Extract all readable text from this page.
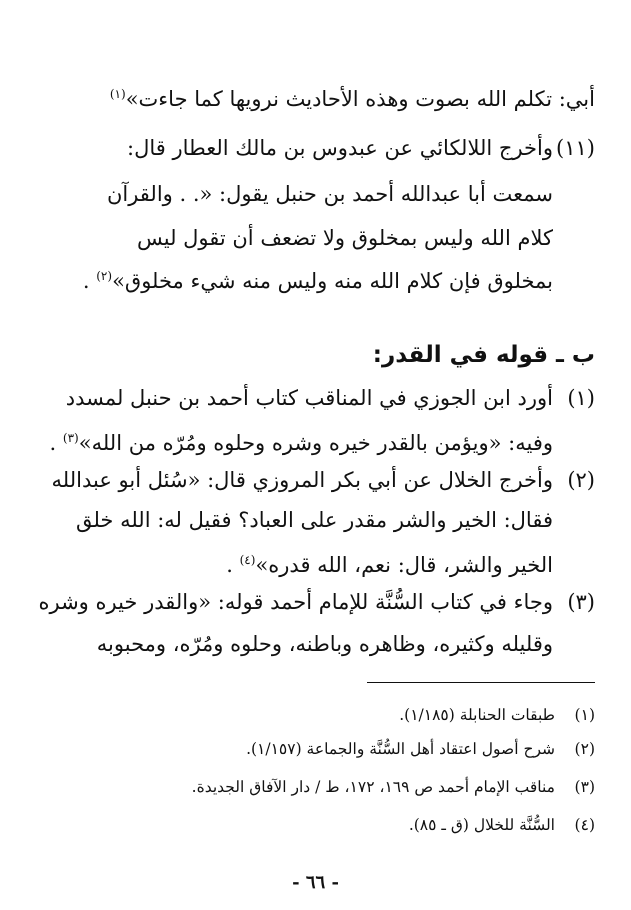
أبي: تكلم الله بصوت وهذه الأحاديث نرويها كما جاءت»$^{(١)}$
(١١)
وأخرج اللالكائي عن عبدوس بن مالك العطار قال:
سمعت أبا عبدالله أحمد بن حنبل يقول: «. . والقرآن
كلام الله وليس بمخلوق ولا تضعف أن تقول ليس
بمخلوق فإن كلام الله منه وليس منه شيء مخلوق»$^{(٢)}$ .
ب ـ قوله في القدر:
(١)
أورد ابن الجوزي في المناقب كتاب أحمد بن حنبل لمسدد
وفيه: «ويؤمن بالقدر خيره وشره وحلوه ومُرّه من الله»$^{(٣)}$ .
(٢)
وأخرج الخلال عن أبي بكر المروزي قال: «سُئل أبو عبدالله
فقال: الخير والشر مقدر على العباد؟ فقيل له: الله خلق
الخير والشر، قال: نعم، الله قدره»$^{(٤)}$ .
(٣)
وجاء في كتاب السُّنَّة للإمام أحمد قوله: «والقدر خيره وشره
وقليله وكثيره، وظاهره وباطنه، وحلوه ومُرّه، ومحبوبه
(١)طبقات الحنابلة (١/١٨٥).
(٢)شرح أصول اعتقاد أهل السُّنَّة والجماعة (١/١٥٧).
(٣)مناقب الإمام أحمد ص ١٦٩، ١٧٢، ط / دار الآفاق الجديدة.
(٤)السُّنَّة للخلال (ق ـ ٨٥).
- ٦٦ -
